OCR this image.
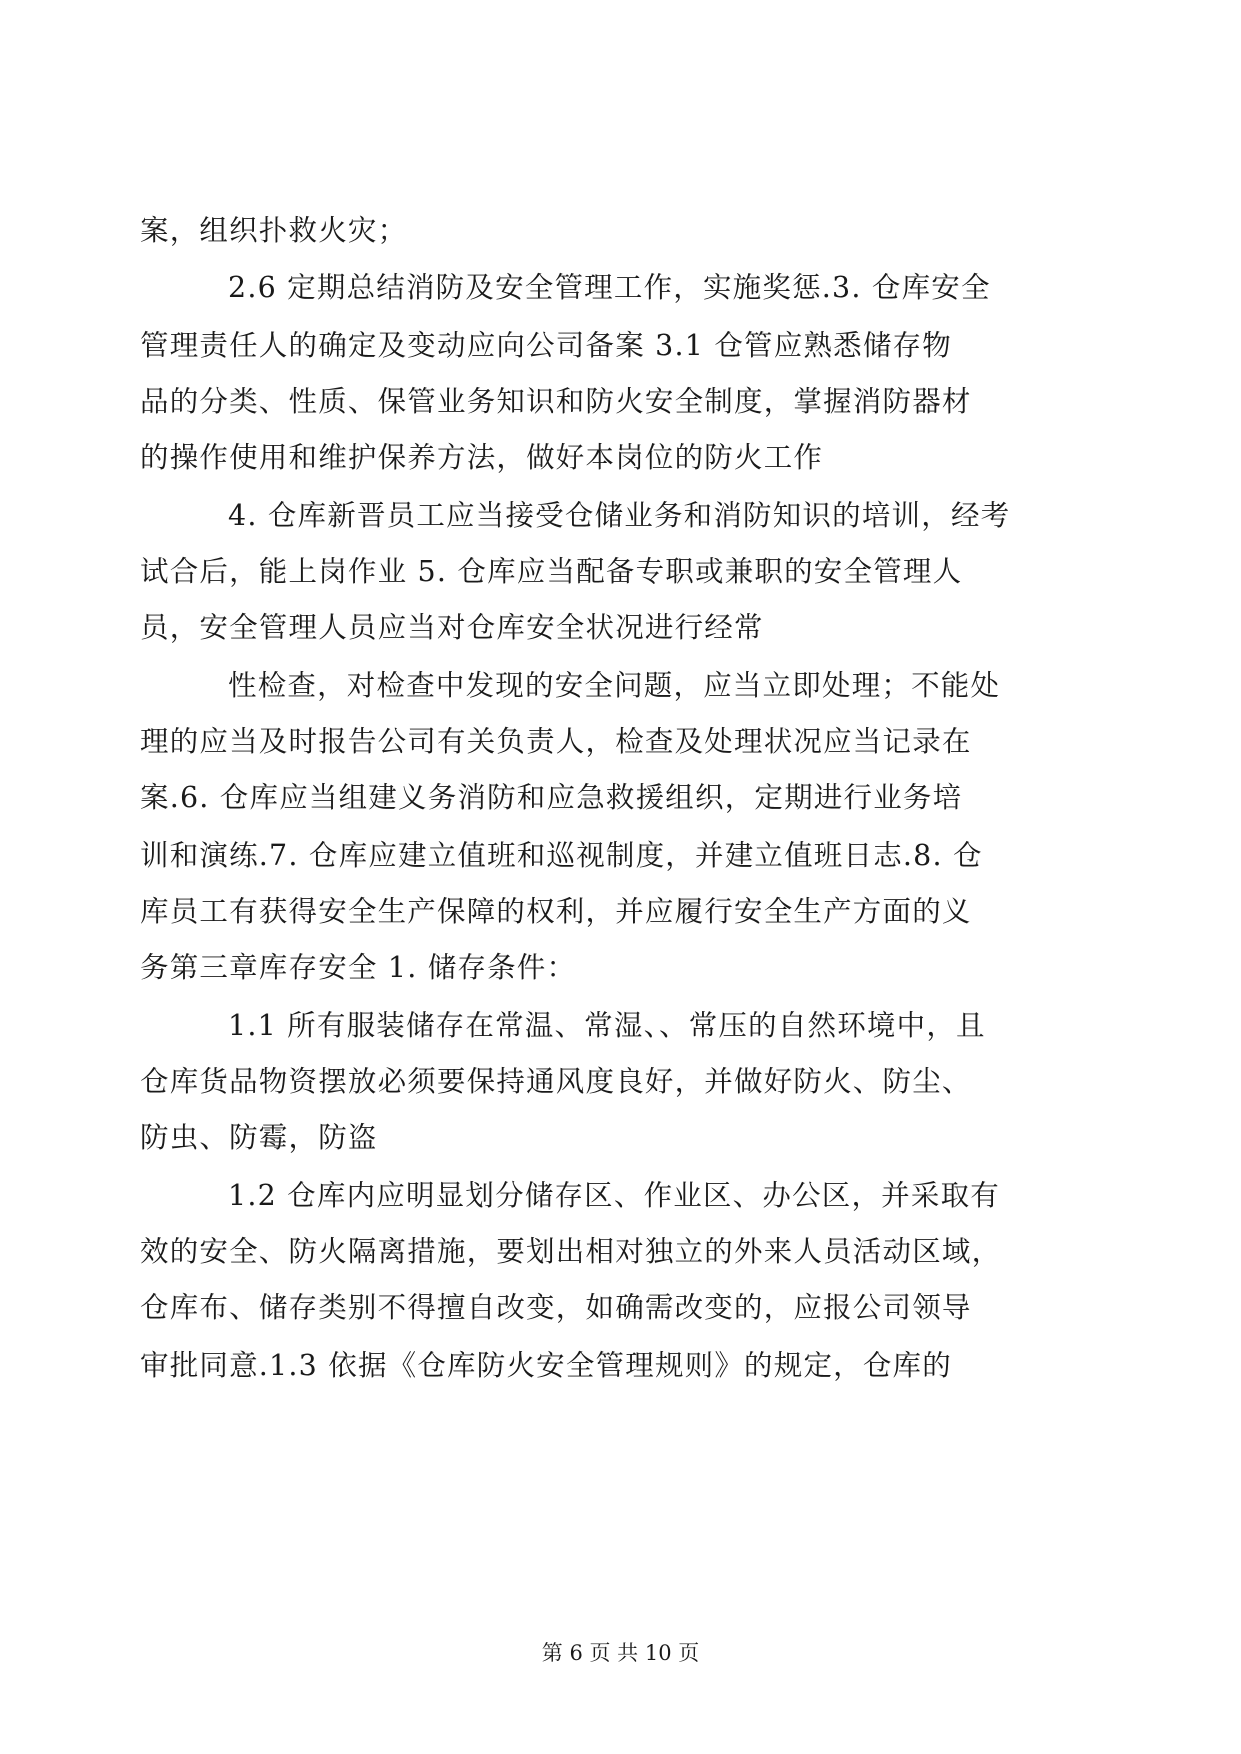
案，组织扑救火灾；
2.6 定期总结消防及安全管理工作，实施奖惩.3. 仓库安全
管理责任人的确定及变动应向公司备案 3.1 仓管应熟悉储存物
品的分类、性质、保管业务知识和防火安全制度，掌握消防器材
的操作使用和维护保养方法，做好本岗位的防火工作
4. 仓库新晋员工应当接受仓储业务和消防知识的培训，经考
试合后，能上岗作业 5. 仓库应当配备专职或兼职的安全管理人
员，安全管理人员应当对仓库安全状况进行经常
性检查，对检查中发现的安全问题，应当立即处理；不能处
理的应当及时报告公司有关负责人，检查及处理状况应当记录在
案.6. 仓库应当组建义务消防和应急救援组织，定期进行业务培
训和演练.7. 仓库应建立值班和巡视制度，并建立值班日志.8. 仓
库员工有获得安全生产保障的权利，并应履行安全生产方面的义
务第三章库存安全 1. 储存条件：
1.1 所有服装储存在常温、常湿、、常压的自然环境中，且
仓库货品物资摆放必须要保持通风度良好，并做好防火、防尘、
防虫、防霉，防盗
1.2 仓库内应明显划分储存区、作业区、办公区，并采取有
效的安全、防火隔离措施，要划出相对独立的外来人员活动区域，
仓库布、储存类别不得擅自改变，如确需改变的，应报公司领导
审批同意.1.3 依据《仓库防火安全管理规则》的规定，仓库的
第 6 页 共 10 页
